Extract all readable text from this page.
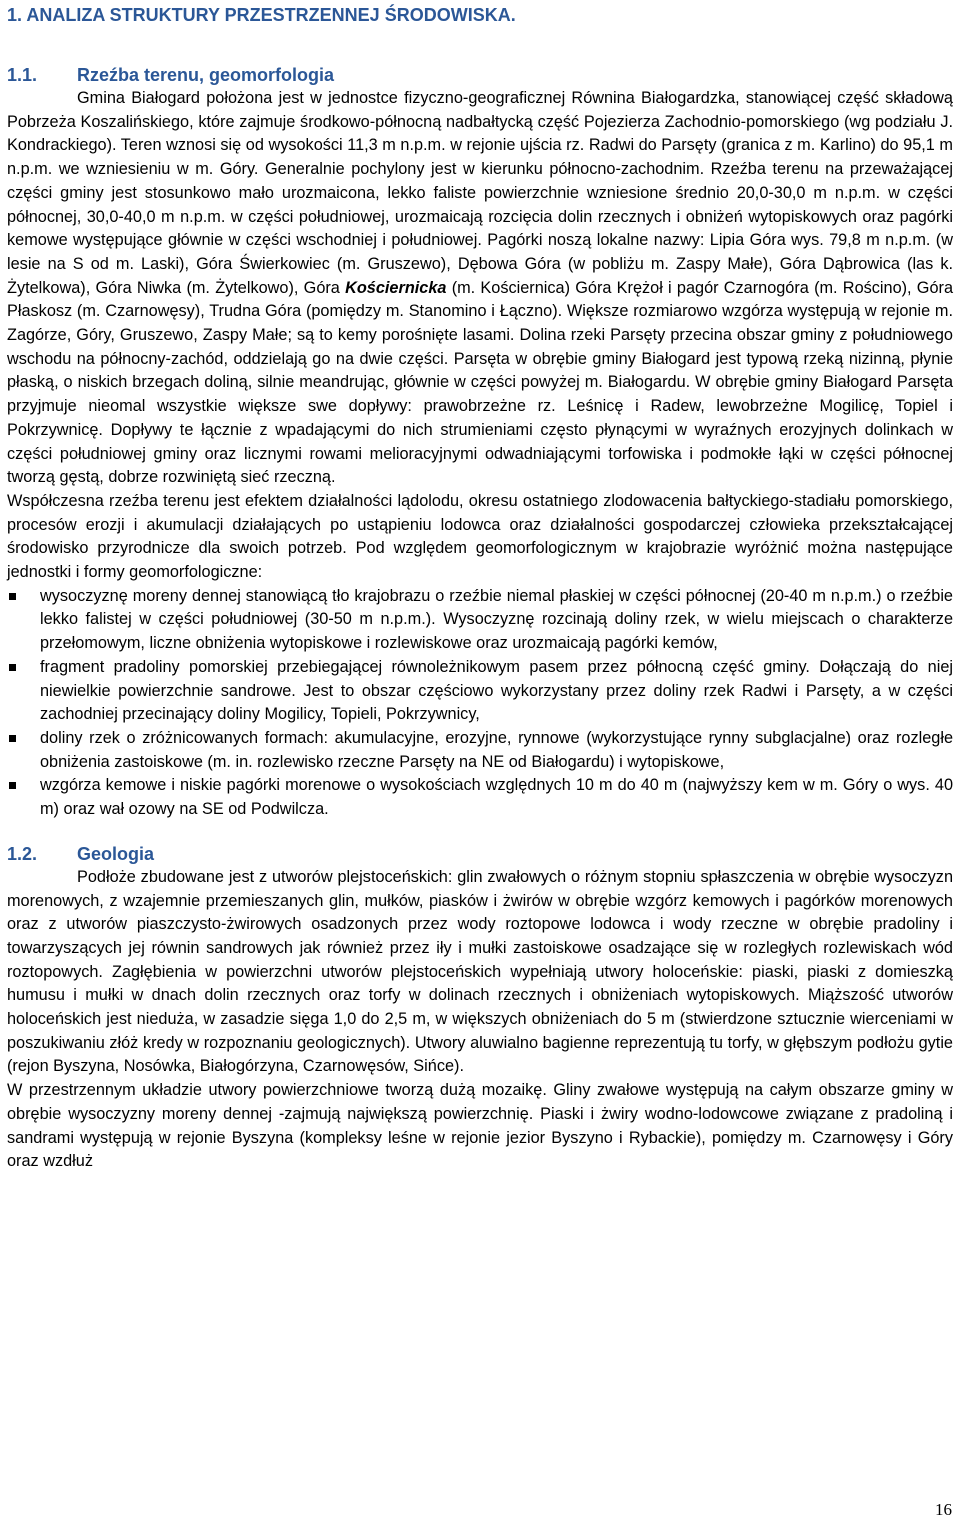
1. ANALIZA STRUKTURY PRZESTRZENNEJ ŚRODOWISKA.
1.1. Rzeźba terenu, geomorfologia

Gmina Białogard położona jest w jednostce fizyczno-geograficznej Równina Białogardzka, stanowiącej część składową Pobrzeża Koszalińskiego, które zajmuje środkowo-północną nadbałtycką część Pojezierza Zachodnio-pomorskiego (wg podziału J. Kondrackiego). Teren wznosi się od wysokości 11,3 m n.p.m. w rejonie ujścia rz. Radwi do Parsęty (granica z m. Karlino) do 95,1 m n.p.m. we wzniesieniu w m. Góry. Generalnie pochylony jest w kierunku północno-zachodnim. Rzeźba terenu na przeważającej części gminy jest stosunkowo mało urozmaicona, lekko faliste powierzchnie wzniesione średnio 20,0-30,0 m n.p.m. w części północnej, 30,0-40,0 m n.p.m. w części południowej, urozmaicają rozcięcia dolin rzecznych i obniżeń wytopiskowych oraz pagórki kemowe występujące głównie w części wschodniej i południowej. Pagórki noszą lokalne nazwy: Lipia Góra wys. 79,8 m n.p.m. (w lesie na S od m. Laski), Góra Świerkowiec (m. Gruszewo), Dębowa Góra (w pobliżu m. Zaspy Małe), Góra Dąbrowica (las k. Żytelkowa), Góra Niwka (m. Żytelkowo), Góra Kościernicka (m. Kościernica) Góra Krężoł i pagór Czarnogóra (m. Rościno), Góra Płaskosz (m. Czarnowęsy), Trudna Góra (pomiędzy m. Stanomino i Łączno). Większe rozmiarowo wzgórza występują w rejonie m. Zagórze, Góry, Gruszewo, Zaspy Małe; są to kemy porośnięte lasami. Dolina rzeki Parsęty przecina obszar gminy z południowego wschodu na północny-zachód, oddzielają go na dwie części. Parsęta w obrębie gminy Białogard jest typową rzeką nizinną, płynie płaską, o niskich brzegach doliną, silnie meandrując, głównie w części powyżej m. Białogardu. W obrębie gminy Białogard Parsęta przyjmuje nieomal wszystkie większe swe dopływy: prawobrzeżne rz. Leśnicę i Radew, lewobrzeżne Mogilicę, Topiel i Pokrzywnicę. Dopływy te łącznie z wpadającymi do nich strumieniami często płynącymi w wyraźnych erozyjnych dolinkach w części południowej gminy oraz licznymi rowami melioracyjnymi odwadniającymi torfowiska i podmokłe łąki w części północnej tworzą gęstą, dobrze rozwiniętą sieć rzeczną.

Współczesna rzeźba terenu jest efektem działalności lądolodu, okresu ostatniego zlodowacenia bałtyckiego-stadiału pomorskiego, procesów erozji i akumulacji działających po ustąpieniu lodowca oraz działalności gospodarczej człowieka przekształcającej środowisko przyrodnicze dla swoich potrzeb. Pod względem geomorfologicznym w krajobrazie wyróżnić można następujące jednostki i formy geomorfologiczne:

wysoczyznę moreny dennej stanowiącą tło krajobrazu o rzeźbie niemal płaskiej w części północnej (20-40 m n.p.m.) o rzeźbie lekko falistej w części południowej (30-50 m n.p.m.). Wysoczyznę rozcinają doliny rzek, w wielu miejscach o charakterze przełomowym, liczne obniżenia wytopiskowe i rozlewiskowe oraz urozmaicają pagórki kemów,
fragment pradoliny pomorskiej przebiegającej równoleżnikowym pasem przez północną część gminy. Dołączają do niej niewielkie powierzchnie sandrowe. Jest to obszar częściowo wykorzystany przez doliny rzek Radwi i Parsęty, a w części zachodniej przecinający doliny Mogilicy, Topieli, Pokrzywnicy,
doliny rzek o zróżnicowanych formach: akumulacyjne, erozyjne, rynnowe (wykorzystujące rynny subglacjalne) oraz rozległe obniżenia zastoiskowe (m. in. rozlewisko rzeczne Parsęty na NE od Białogardu) i wytopiskowe,
wzgórza kemowe i niskie pagórki morenowe o wysokościach względnych 10 m do 40 m (najwyższy kem w m. Góry o wys. 40 m) oraz wał ozowy na SE od Podwilcza.
1.2. Geologia

Podłoże zbudowane jest z utworów plejstoceńskich: glin zwałowych o różnym stopniu spłaszczenia w obrębie wysoczyzn morenowych, z wzajemnie przemieszanych glin, mułków, piasków i żwirów w obrębie wzgórz kemowych i pagórków morenowych oraz z utworów piaszczysto-żwirowych osadzonych przez wody roztopowe lodowca i wody rzeczne w obrębie pradoliny i towarzyszących jej równin sandrowych jak również przez iły i mułki zastoiskowe osadzające się w rozległych rozlewiskach wód roztopowych. Zagłębienia w powierzchni utworów plejstoceńskich wypełniają utwory holoceńskie: piaski, piaski z domieszką humusu i mułki w dnach dolin rzecznych oraz torfy w dolinach rzecznych i obniżeniach wytopiskowych. Miąższość utworów holoceńskich jest nieduża, w zasadzie sięga 1,0 do 2,5 m, w większych obniżeniach do 5 m (stwierdzone sztucznie wierceniami w poszukiwaniu złóż kredy w rozpoznaniu geologicznych). Utwory aluwialno bagienne reprezentują tu torfy, w głębszym podłożu gytie (rejon Byszyna, Nosówka, Białogórzyna, Czarnowęsów, Sińce).

W przestrzennym układzie utwory powierzchniowe tworzą dużą mozaikę. Gliny zwałowe występują na całym obszarze gminy w obrębie wysoczyzny moreny dennej -zajmują największą powierzchnię. Piaski i żwiry wodno-lodowcowe związane z pradoliną i sandrami występują w rejonie Byszyna (kompleksy leśne w rejonie jezior Byszyno i Rybackie), pomiędzy m. Czarnowęsy i Góry oraz wzdłuż

16
